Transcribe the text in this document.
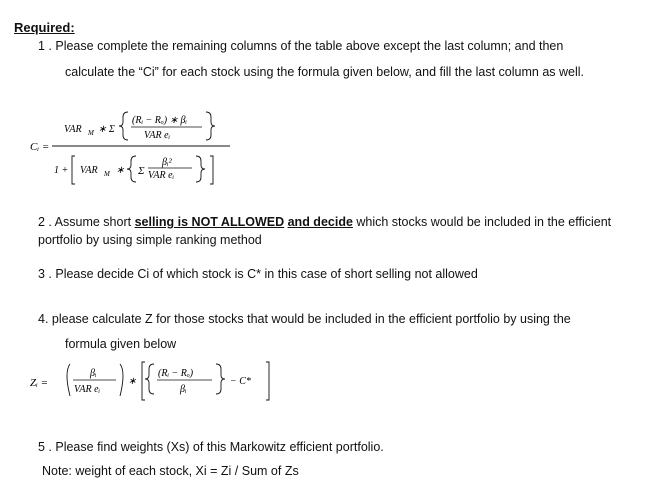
Required:
1 . Please complete the remaining columns of the table above except the last column; and then
calculate the “Ci” for each stock using the formula given below, and fill the last column as well.
Cᵢ =
VAR M ∗ Σ
(Rᵢ − Rₒ) ∗ βᵢ
VAR eᵢ
1 + VAR M ∗ Σ
βᵢ²
VAR eᵢ
2 . Assume short selling is NOT ALLOWED and decide which stocks would be included in the efficient
portfolio by using simple ranking method
3 . Please decide Ci of which stock is C* in this case of short selling not allowed
4. please calculate Z for those stocks that would be included in the efficient portfolio by using the
formula given below
Zᵢ =
βᵢ
VAR eᵢ
∗
(Rᵢ − Rₒ)
βᵢ
− C*
5 . Please find weights (Xs) of this Markowitz efficient portfolio.
Note: weight of each stock, Xi = Zi / Sum of Zs
